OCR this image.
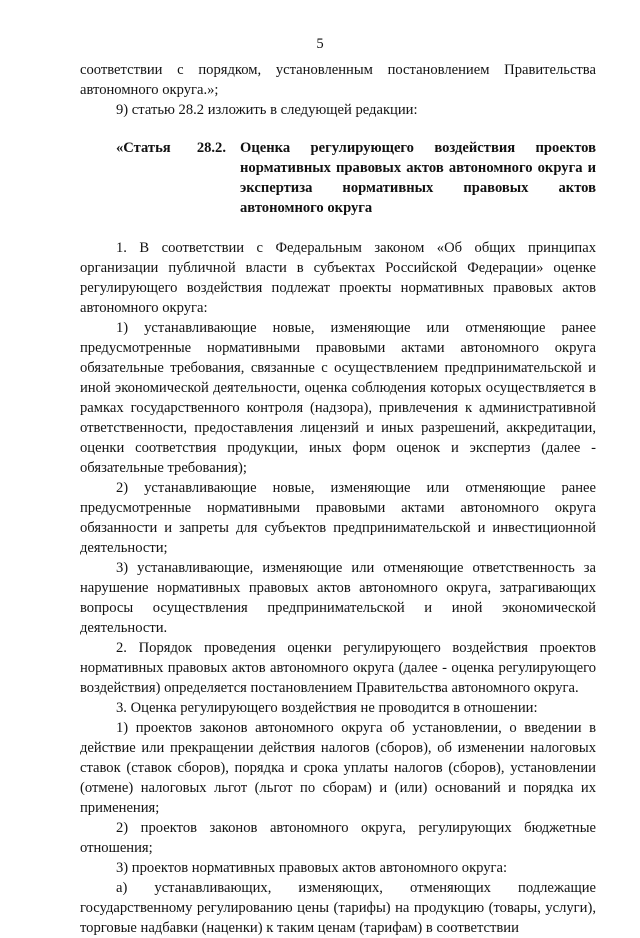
5

соответствии с порядком, установленным постановлением Правительства

автономного округа.»;

9) статью 28.2 изложить в следующей редакции:

«Статья 28.2. Оценка регулирующего воздействия проектов нормативных правовых актов автономного округа и экспертиза нормативных правовых актов автономного округа

1. В соответствии с Федеральным законом «Об общих принципах организации публичной власти в субъектах Российской Федерации» оценке регулирующего воздействия подлежат проекты нормативных правовых актов автономного округа:

1) устанавливающие новые, изменяющие или отменяющие ранее предусмотренные нормативными правовыми актами автономного округа обязательные требования, связанные с осуществлением предпринимательской и иной экономической деятельности, оценка соблюдения которых осуществляется в рамках государственного контроля (надзора), привлечения к административной ответственности, предоставления лицензий и иных разрешений, аккредитации, оценки соответствия продукции, иных форм оценок и экспертиз (далее - обязательные требования);

2) устанавливающие новые, изменяющие или отменяющие ранее предусмотренные нормативными правовыми актами автономного округа обязанности и запреты для субъектов предпринимательской и инвестиционной деятельности;

3) устанавливающие, изменяющие или отменяющие ответственность за нарушение нормативных правовых актов автономного округа, затрагивающих вопросы осуществления предпринимательской и иной экономической деятельности.

2. Порядок проведения оценки регулирующего воздействия проектов нормативных правовых актов автономного округа (далее - оценка регулирующего воздействия) определяется постановлением Правительства автономного округа.

3. Оценка регулирующего воздействия не проводится в отношении:

1) проектов законов автономного округа об установлении, о введении в действие или прекращении действия налогов (сборов), об изменении налоговых ставок (ставок сборов), порядка и срока уплаты налогов (сборов), установлении (отмене) налоговых льгот (льгот по сборам) и (или) оснований и порядка их применения;

2) проектов законов автономного округа, регулирующих бюджетные отношения;

3) проектов нормативных правовых актов автономного округа:

а) устанавливающих, изменяющих, отменяющих подлежащие государственному регулированию цены (тарифы) на продукцию (товары, услуги), торговые надбавки (наценки) к таким ценам (тарифам) в соответствии
